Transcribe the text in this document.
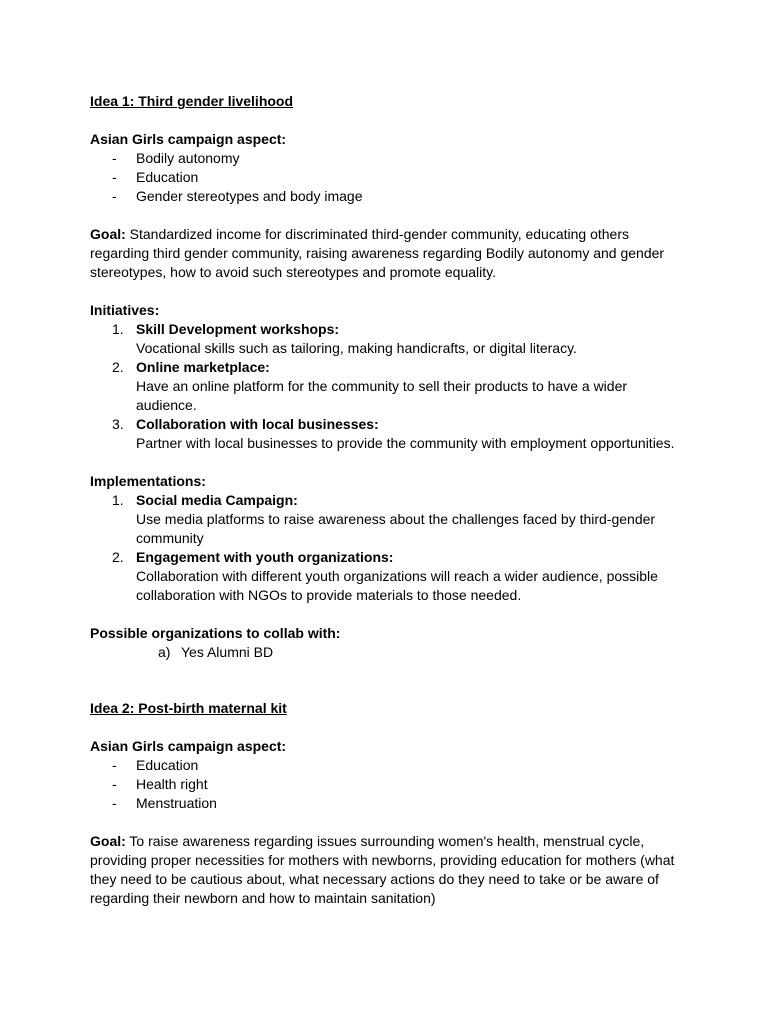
Idea 1: Third gender livelihood

Asian Girls campaign aspect:

- Bodily autonomy
- Education
- Gender stereotypes and body image

Goal: Standardized income for discriminated third-gender community, educating others regarding third gender community, raising awareness regarding Bodily autonomy and gender stereotypes, how to avoid such stereotypes and promote equality.

Initiatives:

1. Skill Development workshops:
Vocational skills such as tailoring, making handicrafts, or digital literacy.
2. Online marketplace:
Have an online platform for the community to sell their products to have a wider audience.
3. Collaboration with local businesses:
Partner with local businesses to provide the community with employment opportunities.

Implementations:

1. Social media Campaign:
Use media platforms to raise awareness about the challenges faced by third-gender community
2. Engagement with youth organizations:
Collaboration with different youth organizations will reach a wider audience, possible collaboration with NGOs to provide materials to those needed.

Possible organizations to collab with:

a) Yes Alumni BD

Idea 2: Post-birth maternal kit

Asian Girls campaign aspect:

- Education
- Health right
- Menstruation

Goal: To raise awareness regarding issues surrounding women's health, menstrual cycle, providing proper necessities for mothers with newborns, providing education for mothers (what they need to be cautious about, what necessary actions do they need to take or be aware of regarding their newborn and how to maintain sanitation)
